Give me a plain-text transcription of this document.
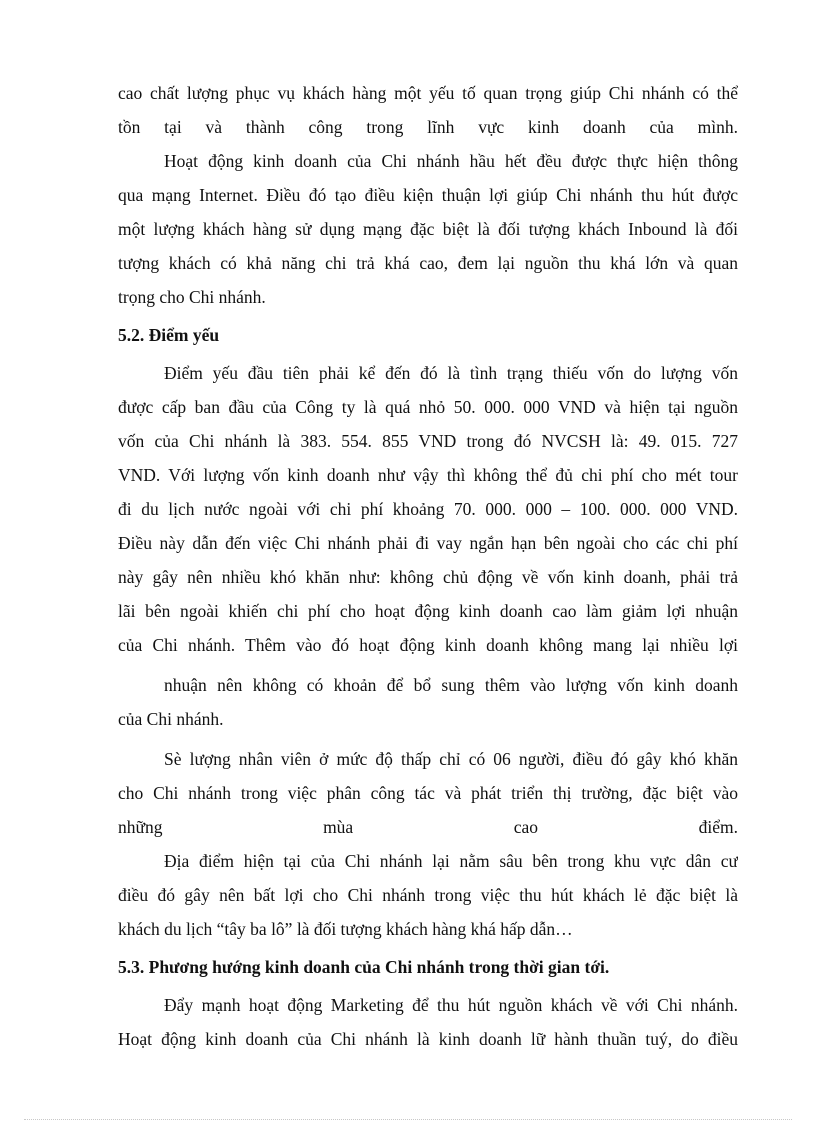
cao chất lượng phục vụ khách hàng một yếu tố quan trọng giúp Chi nhánh có thể
tồn tại và thành công trong lĩnh vực kinh doanh của mình.
Hoạt động kinh doanh của Chi nhánh hầu hết đều được thực hiện thông
qua mạng Internet. Điều đó tạo điều kiện thuận lợi giúp Chi nhánh thu hút được
một lượng khách hàng sử dụng mạng đặc biệt là đối tượng khách Inbound là đối
tượng khách có khả năng chi trả khá cao, đem lại nguồn thu khá lớn và quan
trọng cho Chi nhánh.
5.2. Điểm yếu
Điểm yếu đầu tiên phải kể đến đó là tình trạng thiếu vốn do lượng vốn
được cấp ban đầu của Công ty là quá nhỏ 50. 000. 000 VND và hiện tại nguồn
vốn của Chi nhánh là 383. 554. 855 VND trong đó NVCSH là: 49. 015. 727
VND. Với lượng vốn kinh doanh như vậy thì không thể đủ chi phí cho mét tour
đi du lịch nước ngoài với chi phí khoảng 70. 000. 000 – 100. 000. 000 VND.
Điều này dẫn đến việc Chi nhánh phải đi vay ngắn hạn bên ngoài cho các chi phí
này gây nên nhiều khó khăn như: không chủ động về vốn kinh doanh, phải trả
lãi bên ngoài khiến chi phí cho hoạt động kinh doanh cao làm giảm lợi nhuận
của Chi nhánh. Thêm vào đó hoạt động kinh doanh không mang lại nhiều lợi
nhuận nên không có khoản để bổ sung thêm vào lượng vốn kinh doanh
của Chi nhánh.
Sè lượng nhân viên ở mức độ thấp chỉ có 06 người, điều đó gây khó khăn
cho Chi nhánh trong việc phân công tác và phát triển thị trường, đặc biệt vào
những mùa cao điểm.
Địa điểm hiện tại của Chi nhánh lại nằm sâu bên trong khu vực dân cư
điều đó gây nên bất lợi cho Chi nhánh trong việc thu hút khách lẻ đặc biệt là
khách du lịch “tây ba lô” là đối tượng khách hàng khá hấp dẫn…
5.3. Phương hướng kinh doanh của Chi nhánh trong thời gian tới.
Đẩy mạnh hoạt động Marketing để thu hút nguồn khách về với Chi nhánh.
Hoạt động kinh doanh của Chi nhánh là kinh doanh lữ hành thuần tuý, do điều
